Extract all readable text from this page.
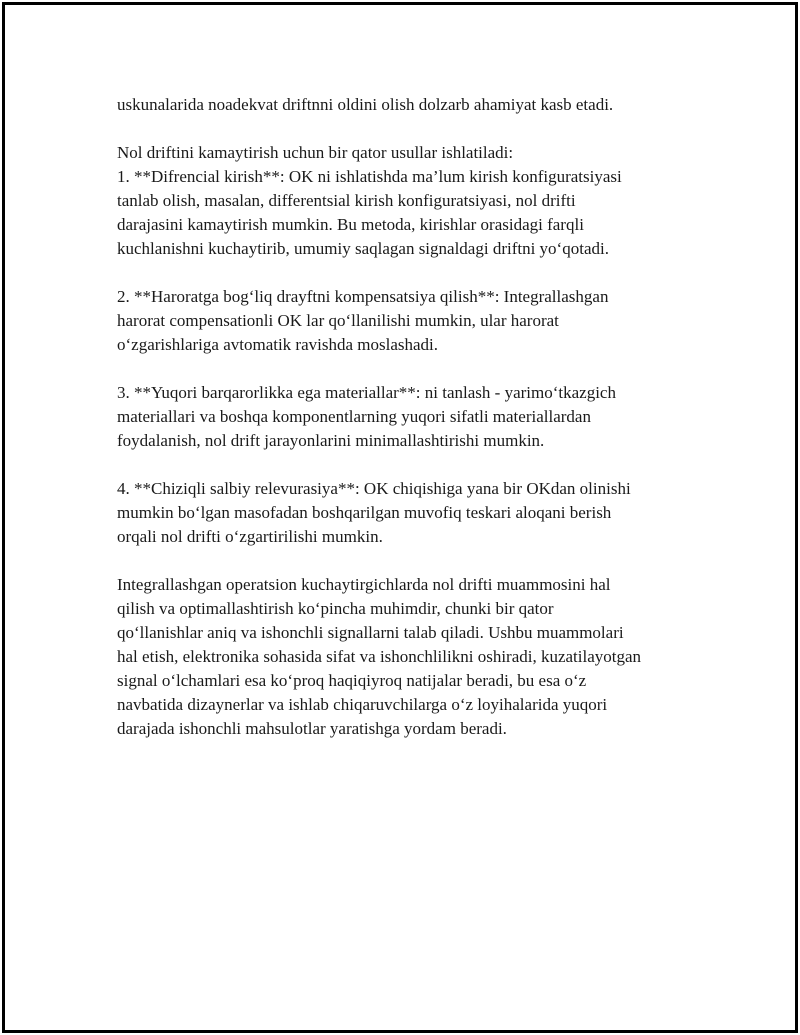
uskunalarida noadekvat driftnni oldini olish dolzarb ahamiyat kasb etadi.

Nol driftini kamaytirish uchun bir qator usullar ishlatiladi:
1. **Difrencial kirish**: OK ni ishlatishda ma’lum kirish konfiguratsiyasi
tanlab olish, masalan, differentsial kirish konfiguratsiyasi, nol drifti
darajasini kamaytirish mumkin. Bu metoda, kirishlar orasidagi farqli
kuchlanishni kuchaytirib, umumiy saqlagan signaldagi driftni yo‘qotadi.

2. **Haroratga bog‘liq drayftni kompensatsiya qilish**: Integrallashgan
harorat compensationli OK lar qo‘llanilishi mumkin, ular harorat
o‘zgarishlariga avtomatik ravishda moslashadi.

3. **Yuqori barqarorlikka ega materiallar**: ni tanlash - yarimo‘tkazgich
materiallari va boshqa komponentlarning yuqori sifatli materiallardan
foydalanish, nol drift jarayonlarini minimallashtirishi mumkin.

4. **Chiziqli salbiy relevurasiya**: OK chiqishiga yana bir OKdan olinishi
mumkin bo‘lgan masofadan boshqarilgan muvofiq teskari aloqani berish
orqali nol drifti o‘zgartirilishi mumkin.

Integrallashgan operatsion kuchaytirgichlarda nol drifti muammosini hal
qilish va optimallashtirish ko‘pincha muhimdir, chunki bir qator
qo‘llanishlar aniq va ishonchli signallarni talab qiladi. Ushbu muammolari
hal etish, elektronika sohasida sifat va ishonchlilikni oshiradi, kuzatilayotgan
signal o‘lchamlari esa ko‘proq haqiqiyroq natijalar beradi, bu esa o‘z
navbatida dizaynerlar va ishlab chiqaruvchilarga o‘z loyihalarida yuqori
darajada ishonchli mahsulotlar yaratishga yordam beradi.
